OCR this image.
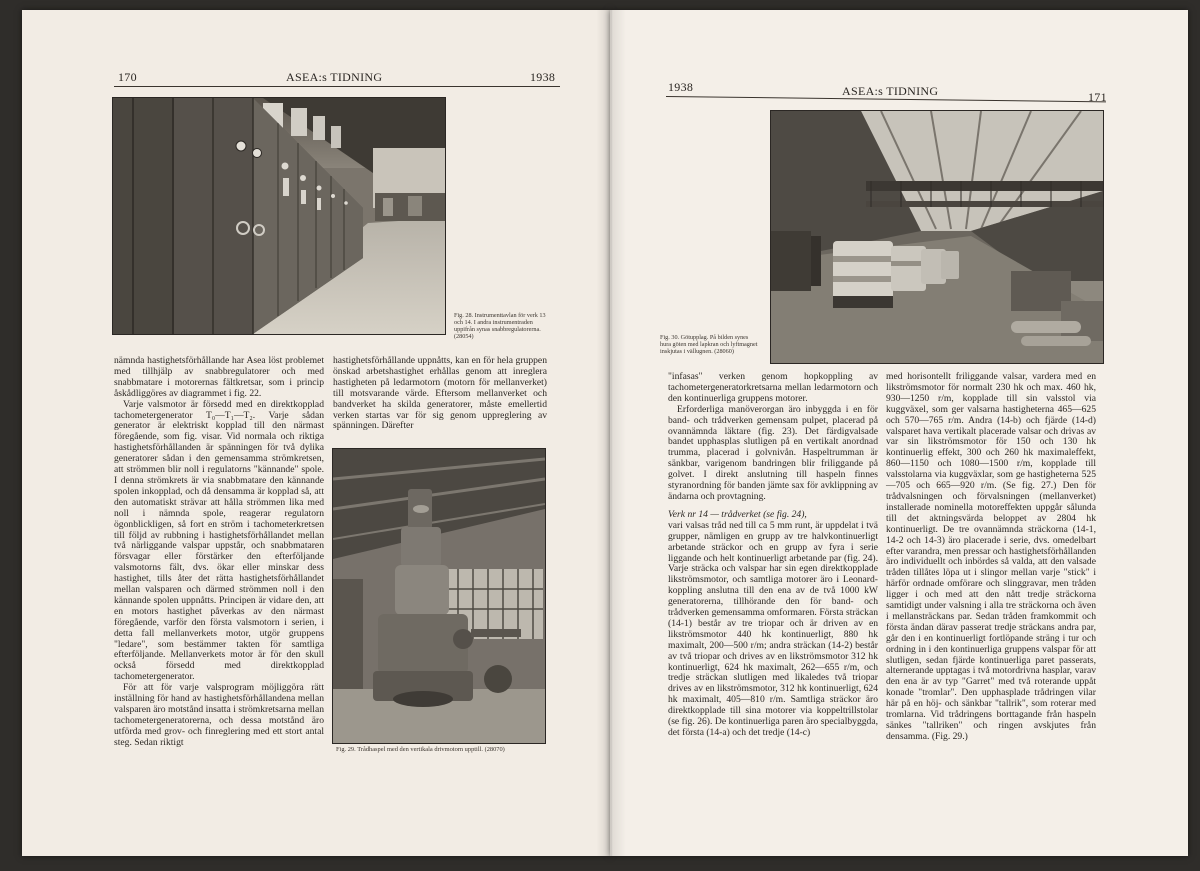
170	ASEA:s TIDNING	1938
Fig. 28. Instrumenttavlan för verk 13 och 14. I andra instrumentraden uppifrån synas snabbregulatorerna. (28054)

nämnda hastighetsförhållande har Asea löst problemet med tillhjälp av snabbregulatorer och med snabbmatare i motorernas fältkretsar, som i princip åskådliggöres av diagrammet i fig. 22.

Varje valsmotor är försedd med en direktkopplad tachometergenerator T₀—T₁—T₂. Varje sådan generator är elektriskt kopplad till den närmast föregående, som fig. visar. Vid normala och riktiga hastighetsförhållanden är spänningen för två dylika generatorer sådan i den gemensamma strömkretsen, att strömmen blir noll i regulatorns "kännande" spole. I denna strömkrets är via snabbmatare den kännande spolen inkopplad, och då densamma är kopplad så, att den automatiskt strävar att hålla strömmen lika med noll i nämnda spole, reagerar regulatorn ögonblickligen, så fort en ström i tachometerkretsen till följd av rubbning i hastighetsförhållandet mellan två närliggande valspar uppstår, och snabbmataren försvagar eller förstärker den efterföljande valsmotorns fält, dvs. ökar eller minskar dess hastighet, tills åter det rätta hastighetsförhållandet mellan valsparen och därmed strömmen noll i den kännande spolen uppnåtts. Principen är vidare den, att en motors hastighet påverkas av den närmast föregående, varför den första valsmotorn i serien, i detta fall mellanverkets motor, utgör gruppens "ledare", som bestämmer takten för samtliga efterföljande. Mellanverkets motor är för den skull också försedd med direktkopplad tachometergenerator.

För att för varje valsprogram möjliggöra rätt inställning för hand av hastighetsförhållandena mellan valsparen äro motstånd insatta i strömkretsarna mellan tachometergeneratorerna, och dessa motstånd äro utförda med grov- och finreglering med ett stort antal steg. Sedan riktigt

hastighetsförhållande uppnåtts, kan en för hela gruppen önskad arbetshastighet erhållas genom att inreglera hastigheten på ledarmotorn (motorn för mellanverket) till motsvarande värde. Eftersom mellanverket och bandverket ha skilda generatorer, måste emellertid verken startas var för sig genom uppreglering av spänningen. Därefter

Fig. 29. Trådhaspel med den vertikala drivmotorn upptill. (28070)
1938	ASEA:s TIDNING	171
Fig. 30. Götupplag. På bilden synes hura göten med lapkran och lyftmagnet inskjutas i vällugnen. (28060)

"infasas" verken genom hopkoppling av tachometergeneratorkretsarna mellan ledarmotorn och den kontinuerliga gruppens motorer.

Erforderliga manöverorgan äro inbyggda i en för band- och trådverken gemensam pulpet, placerad på ovannämnda läktare (fig. 23). Det färdigvalsade bandet upphasplas slutligen på en vertikalt anordnad trumma, placerad i golvnivån. Haspeltrumman är sänkbar, varigenom bandringen blir friliggande på golvet. I direkt anslutning till haspeln finnes styranordning för banden jämte sax för avklippning av ändarna och provtagning.

Verk nr 14 — trådverket (se fig. 24),

vari valsas tråd ned till ca 5 mm runt, är uppdelat i tvä grupper, nämligen en grupp av tre halvkontinuerligt arbetande sträckor och en grupp av fyra i serie liggande och helt kontinuerligt arbetande par (fig. 24). Varje sträcka och valspar har sin egen direktkopplade likströmsmotor, och samtliga motorer äro i Leonard-koppling anslutna till den ena av de två 1000 kW generatorerna, tillhörande den för band- och trådverken gemensamma omformaren. Första sträckan (14-1) består av tre triopar och är driven av en likströmsmotor 440 hk kontinuerligt, 880 hk maximalt, 200—500 r/m; andra sträckan (14-2) består av två triopar och drives av en likströmsmotor 312 hk kontinuerligt, 624 hk maximalt, 262—655 r/m, och tredje sträckan slutligen med likaledes två triopar drives av en likströmsmotor, 312 hk kontinuerligt, 624 hk maximalt, 405—810 r/m. Samtliga sträckor äro direktkopplade till sina motorer via koppeltrillstolar (se fig. 26). De kontinuerliga paren äro specialbyggda, det första (14-a) och det tredje (14-c)

med horisontellt friliggande valsar, vardera med en likströmsmotor för normalt 230 hk och max. 460 hk, 930—1250 r/m, kopplade till sin valsstol via kuggväxel, som ger valsarna hastigheterna 465—625 och 570—765 r/m. Andra (14-b) och fjärde (14-d) valsparet hava vertikalt placerade valsar och drivas av var sin likströmsmotor för 150 och 130 hk kontinuerlig effekt, 300 och 260 hk maximaleffekt, 860—1150 och 1080—1500 r/m, kopplade till valsstolarna via kuggväxlar, som ge hastigheterna 525—705 och 665—920 r/m. (Se fig. 27.) Den för trådvalsningen och förvalsningen (mellanverket) installerade nominella motoreffekten uppgår sålunda till det aktningsvärda beloppet av 2804 hk kontinuerligt. De tre ovannämnda sträckorna (14-1, 14-2 och 14-3) äro placerade i serie, dvs. omedelbart efter varandra, men pressar och hastighetsförhållanden äro individuellt och inbördes så valda, att den valsade tråden tillåtes löpa ut i slingor mellan varje "stick" i härför ordnade omförare och slinggravar, men tråden ligger i och med att den nått tredje sträckorna samtidigt under valsning i alla tre sträckorna och även i mellansträckans par. Sedan tråden framkommit och första ändan därav passerat tredje sträckans andra par, går den i en kontinuerligt fortlöpande sträng i tur och ordning in i den kontinuerliga gruppens valspar för att slutligen, sedan fjärde kontinuerliga paret passerats, alternerande upptagas i två motordrivna hasplar, varav den ena är av typ "Garret" med två roterande uppåt konade "tromlar". Den upphasplade trådringen vilar här på en höj- och sänkbar "tallrik", som roterar med tromlarna. Vid trådringens borttagande från haspeln sänkes "tallriken" och ringen avskjutes från densamma. (Fig. 29.)
